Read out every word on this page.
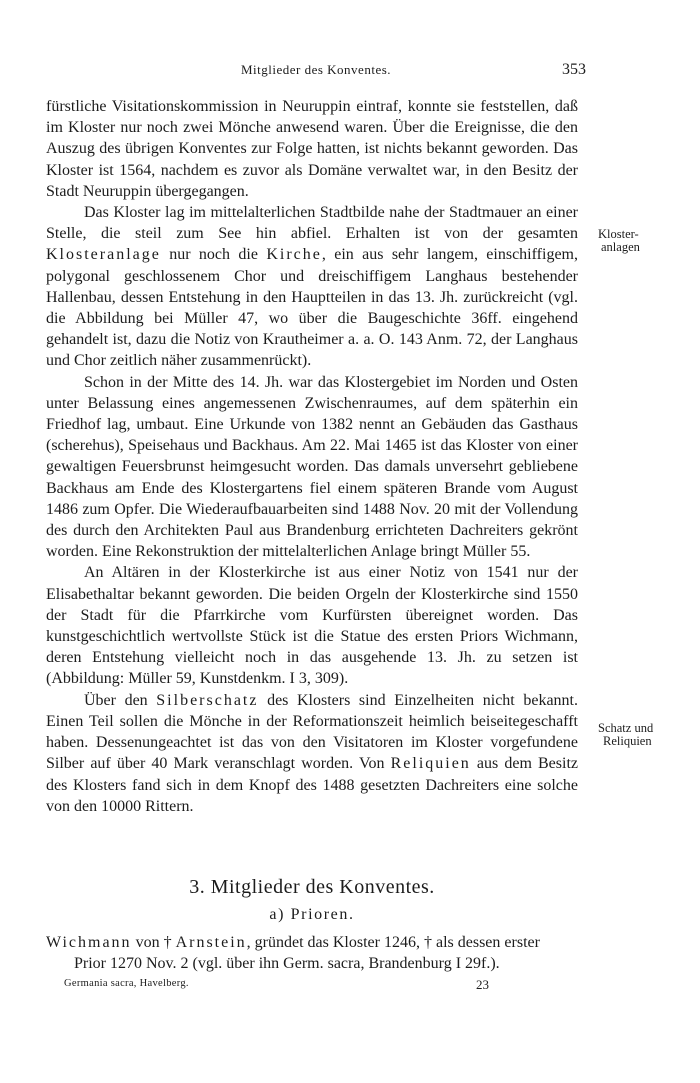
Mitglieder des Konventes.	353

fürstliche Visitationskommission in Neuruppin eintraf, konnte sie feststellen, daß im Kloster nur noch zwei Mönche anwesend waren. Über die Ereignisse, die den Auszug des übrigen Konventes zur Folge hatten, ist nichts bekannt geworden. Das Kloster ist 1564, nachdem es zuvor als Domäne verwaltet war, in den Besitz der Stadt Neuruppin übergegangen.

Das Kloster lag im mittelalterlichen Stadtbilde nahe der Stadtmauer an einer Stelle, die steil zum See hin abfiel. Erhalten ist von der gesamten Klosteranlage nur noch die Kirche, ein aus sehr langem, einschiffigem, polygonal geschlossenem Chor und dreischiffigem Langhaus bestehender Hallenbau, dessen Entstehung in den Hauptteilen in das 13. Jh. zurückreicht (vgl. die Abbildung bei Müller 47, wo über die Baugeschichte 36ff. eingehend gehandelt ist, dazu die Notiz von Krautheimer a. a. O. 143 Anm. 72, der Langhaus und Chor zeitlich näher zusammenrückt).

Schon in der Mitte des 14. Jh. war das Klostergebiet im Norden und Osten unter Belassung eines angemessenen Zwischenraumes, auf dem späterhin ein Friedhof lag, umbaut. Eine Urkunde von 1382 nennt an Gebäuden das Gasthaus (scherehus), Speisehaus und Backhaus. Am 22. Mai 1465 ist das Kloster von einer gewaltigen Feuersbrunst heimgesucht worden. Das damals unversehrt gebliebene Backhaus am Ende des Klostergartens fiel einem späteren Brande vom August 1486 zum Opfer. Die Wiederaufbauarbeiten sind 1488 Nov. 20 mit der Vollendung des durch den Architekten Paul aus Brandenburg errichteten Dachreiters gekrönt worden. Eine Rekonstruktion der mittelalterlichen Anlage bringt Müller 55.

An Altären in der Klosterkirche ist aus einer Notiz von 1541 nur der Elisabethaltar bekannt geworden. Die beiden Orgeln der Klosterkirche sind 1550 der Stadt für die Pfarrkirche vom Kurfürsten übereignet worden. Das kunstgeschichtlich wertvollste Stück ist die Statue des ersten Priors Wichmann, deren Entstehung vielleicht noch in das ausgehende 13. Jh. zu setzen ist (Abbildung: Müller 59, Kunstdenkm. I 3, 309).

Über den Silberschatz des Klosters sind Einzelheiten nicht bekannt. Einen Teil sollen die Mönche in der Reformationszeit heimlich beiseitegeschafft haben. Dessenungeachtet ist das von den Visitatoren im Kloster vorgefundene Silber auf über 40 Mark veranschlagt worden. Von Reliquien aus dem Besitz des Klosters fand sich in dem Knopf des 1488 gesetzten Dachreiters eine solche von den 10000 Rittern.

Kloster-
anlagen
Schatz und
Reliquien
3. Mitglieder des Konventes.
a) Prioren.
Wichmann von † Arnstein, gründet das Kloster 1246, † als dessen erster
Prior 1270 Nov. 2 (vgl. über ihn Germ. sacra, Brandenburg I 29f.).
Germania sacra, Havelberg.	23
